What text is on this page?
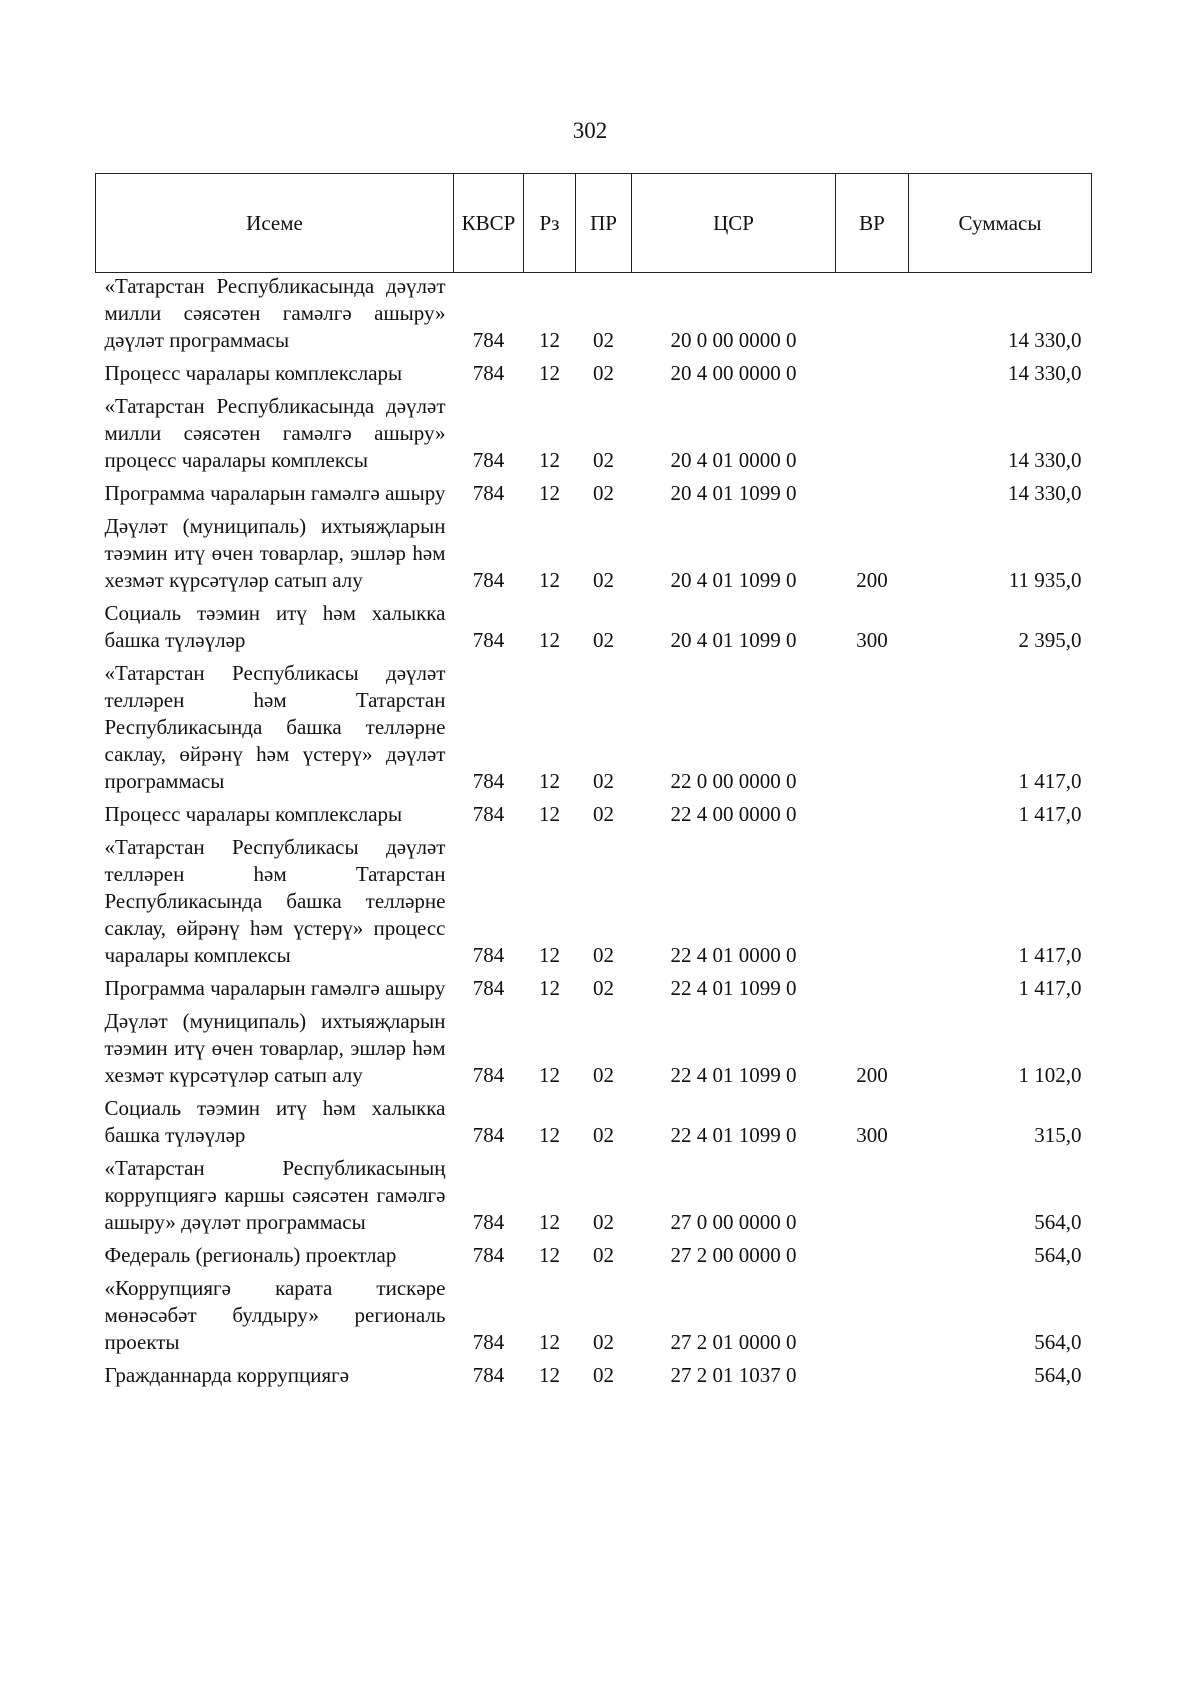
302
Исеме	КВСР	Рз	ПР	ЦСР	ВР	Суммасы
«Татарстан Республикасында дәүләт милли сәясәтен гамәлгә ашыру» дәүләт программасы	784	12	02	20 0 00 0000 0		14 330,0
Процесс чаралары комплекслары	784	12	02	20 4 00 0000 0		14 330,0
«Татарстан Республикасында дәүләт милли сәясәтен гамәлгә ашыру» процесс чаралары комплексы	784	12	02	20 4 01 0000 0		14 330,0
Программа чараларын гамәлгә ашыру	784	12	02	20 4 01 1099 0		14 330,0
Дәүләт (муниципаль) ихтыяҗларын тәэмин итү өчен товарлар, эшләр һәм хезмәт күрсәтүләр сатып алу	784	12	02	20 4 01 1099 0	200	11 935,0
Социаль тәэмин итү һәм халыкка башка түләүләр	784	12	02	20 4 01 1099 0	300	2 395,0
«Татарстан Республикасы дәүләт телләрен һәм Татарстан Республикасында башка телләрне саклау, өйрәнү һәм үстерү» дәүләт программасы	784	12	02	22 0 00 0000 0		1 417,0
Процесс чаралары комплекслары	784	12	02	22 4 00 0000 0		1 417,0
«Татарстан Республикасы дәүләт телләрен һәм Татарстан Республикасында башка телләрне саклау, өйрәнү һәм үстерү» процесс чаралары комплексы	784	12	02	22 4 01 0000 0		1 417,0
Программа чараларын гамәлгә ашыру	784	12	02	22 4 01 1099 0		1 417,0
Дәүләт (муниципаль) ихтыяҗларын тәэмин итү өчен товарлар, эшләр һәм хезмәт күрсәтүләр сатып алу	784	12	02	22 4 01 1099 0	200	1 102,0
Социаль тәэмин итү һәм халыкка башка түләүләр	784	12	02	22 4 01 1099 0	300	315,0
«Татарстан Республикасының коррупциягә каршы сәясәтен гамәлгә ашыру» дәүләт программасы	784	12	02	27 0 00 0000 0		564,0
Федераль (региональ) проектлар	784	12	02	27 2 00 0000 0		564,0
«Коррупциягә карата тискәре мөнәсәбәт булдыру» региональ проекты	784	12	02	27 2 01 0000 0		564,0
Гражданнарда коррупциягә	784	12	02	27 2 01 1037 0		564,0
